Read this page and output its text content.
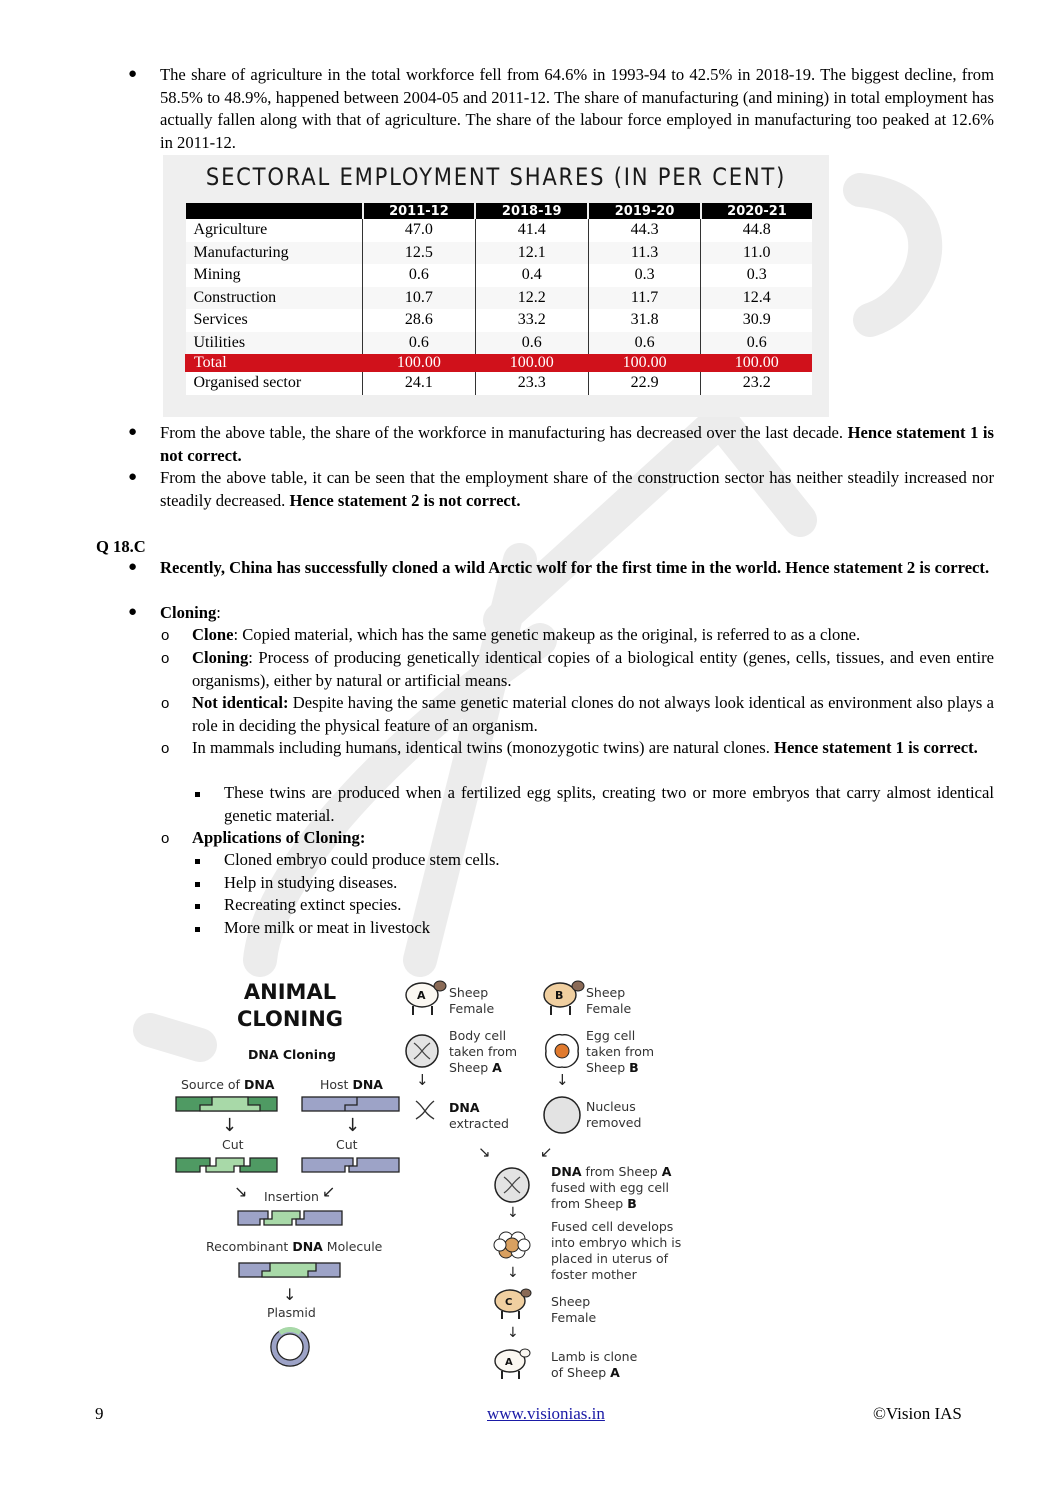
● The share of agriculture in the total workforce fell from 64.6% in 1993-94 to 42.5% in 2018-19. The biggest decline, from 58.5% to 48.9%, happened between 2004-05 and 2011-12. The share of manufacturing (and mining) in total employment has actually fallen along with that of agriculture. The share of the labour force employed in manufacturing too peaked at 12.6% in 2011-12.
SECTORAL EMPLOYMENT SHARES (IN PER CENT)
	2011-12	2018-19	2019-20	2020-21
Agriculture	47.0	41.4	44.3	44.8
Manufacturing	12.5	12.1	11.3	11.0
Mining	0.6	0.4	0.3	0.3
Construction	10.7	12.2	11.7	12.4
Services	28.6	33.2	31.8	30.9
Utilities	0.6	0.6	0.6	0.6
Total	100.00	100.00	100.00	100.00
Organised sector	24.1	23.3	22.9	23.2
● From the above table, the share of the workforce in manufacturing has decreased over the last decade. Hence statement 1 is not correct.
● From the above table, it can be seen that the employment share of the construction sector has neither steadily increased nor steadily decreased. Hence statement 2 is not correct.
Q 18.C
● Recently, China has successfully cloned a wild Arctic wolf for the first time in the world. Hence statement 2 is correct.
● Cloning:
o Clone: Copied material, which has the same genetic makeup as the original, is referred to as a clone.
o Cloning: Process of producing genetically identical copies of a biological entity (genes, cells, tissues, and even entire organisms), either by natural or artificial means.
o Not identical: Despite having the same genetic material clones do not always look identical as environment also plays a role in deciding the physical feature of an organism.
o In mammals including humans, identical twins (monozygotic twins) are natural clones. Hence statement 1 is correct.
These twins are produced when a fertilized egg splits, creating two or more embryos that carry almost identical genetic material.
o Applications of Cloning:
Cloned embryo could produce stem cells.
Help in studying diseases.
Recreating extinct species.
More milk or meat in livestock
ANIMAL
CLONING
DNA Cloning
Source of DNA	Host DNA
↓	↓
↘	↙
↓
A	B
↓	↓
↘	↙
↓
↓
C
↓
A
Cut	Cut
Insertion
Recombinant DNA Molecule
Plasmid
Sheep
Female
Sheep
Female
Body cell
taken from
Sheep A
Egg cell
taken from
Sheep B
DNA
extracted
Nucleus
removed
DNA from Sheep A
fused with egg cell
from Sheep B
Fused cell develops
into embryo which is
placed in uterus of
foster mother
Sheep
Female
Lamb is clone
of Sheep A
9	www.visionias.in	©Vision IAS
